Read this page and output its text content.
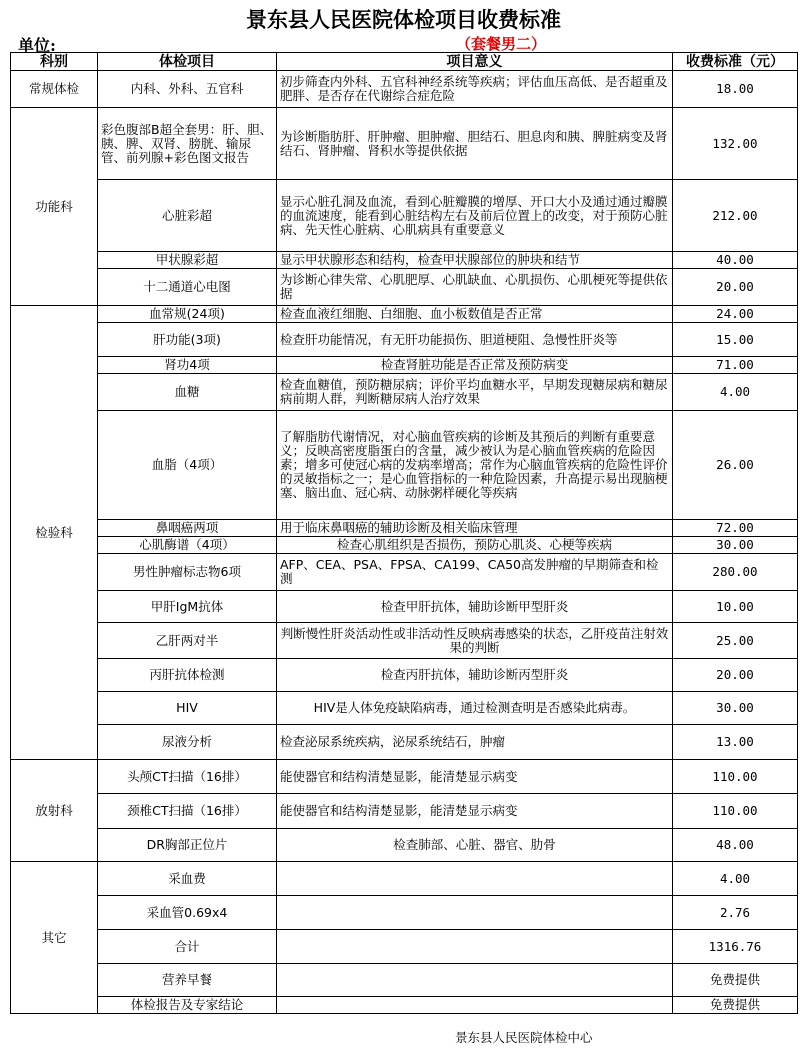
景东县人民医院体检项目收费标准
单位:	（套餐男二）
科别	体检项目	项目意义	收费标准（元）
常规体检	内科、外科、五官科	初步筛查内外科、五官科神经系统等疾病；评估血压高低、是否超重及肥胖、是否存在代谢综合症危险	18.00
功能科	彩色腹部B超全套男：肝、胆、胰、脾、双肾、膀胱、输尿管、前列腺+彩色图文报告	为诊断脂肪肝、肝肿瘤、胆肿瘤、胆结石、胆息肉和胰、脾脏病变及肾结石、肾肿瘤、肾积水等提供依据	132.00
	心脏彩超	显示心脏孔洞及血流，看到心脏瓣膜的增厚、开口大小及通过通过瓣膜的血流速度，能看到心脏结构左右及前后位置上的改变，对于预防心脏病、先天性心脏病、心肌病具有重要意义	212.00
	甲状腺彩超	显示甲状腺形态和结构，检查甲状腺部位的肿块和结节	40.00
	十二通道心电图	为诊断心律失常、心肌肥厚、心肌缺血、心肌损伤、心肌梗死等提供依据	20.00
检验科	血常规(24项)	检查血液红细胞、白细胞、血小板数值是否正常	24.00
	肝功能(3项)	检查肝功能情况，有无肝功能损伤、胆道梗阻、急慢性肝炎等	15.00
	肾功4项	检查肾脏功能是否正常及预防病变	71.00
	血糖	检查血糖值，预防糖尿病；评价平均血糖水平，早期发现糖尿病和糖尿病前期人群，判断糖尿病人治疗效果	4.00
	血脂（4项）	了解脂肪代谢情况，对心脑血管疾病的诊断及其预后的判断有重要意义；反映高密度脂蛋白的含量，减少被认为是心脑血管疾病的危险因素；增多可使冠心病的发病率增高；常作为心脑血管疾病的危险性评价的灵敏指标之一；是心血管指标的一种危险因素，升高提示易出现脑梗塞、脑出血、冠心病、动脉粥样硬化等疾病	26.00
	鼻咽癌两项	用于临床鼻咽癌的辅助诊断及相关临床管理	72.00
	心肌酶谱（4项）	检查心肌组织是否损伤，预防心肌炎、心梗等疾病	30.00
	男性肿瘤标志物6项	AFP、CEA、PSA、FPSA、CA199、CA50高发肿瘤的早期筛查和检测	280.00
	甲肝IgM抗体	检查甲肝抗体，辅助诊断甲型肝炎	10.00
	乙肝两对半	判断慢性肝炎活动性或非活动性反映病毒感染的状态，乙肝疫苗注射效果的判断	25.00
	丙肝抗体检测	检查丙肝抗体，辅助诊断丙型肝炎	20.00
	HIV	HIV是人体免疫缺陷病毒，通过检测查明是否感染此病毒。	30.00
	尿液分析	检查泌尿系统疾病，泌尿系统结石，肿瘤	13.00
放射科	头颅CT扫描（16排）	能使器官和结构清楚显影，能清楚显示病变	110.00
	颈椎CT扫描（16排）	能使器官和结构清楚显影，能清楚显示病变	110.00
	DR胸部正位片	检查肺部、心脏、器官、肋骨	48.00
其它	采血费		4.00
	采血管0.69x4		2.76
	合计		1316.76
	营养早餐		免费提供
	体检报告及专家结论		免费提供
景东县人民医院体检中心
